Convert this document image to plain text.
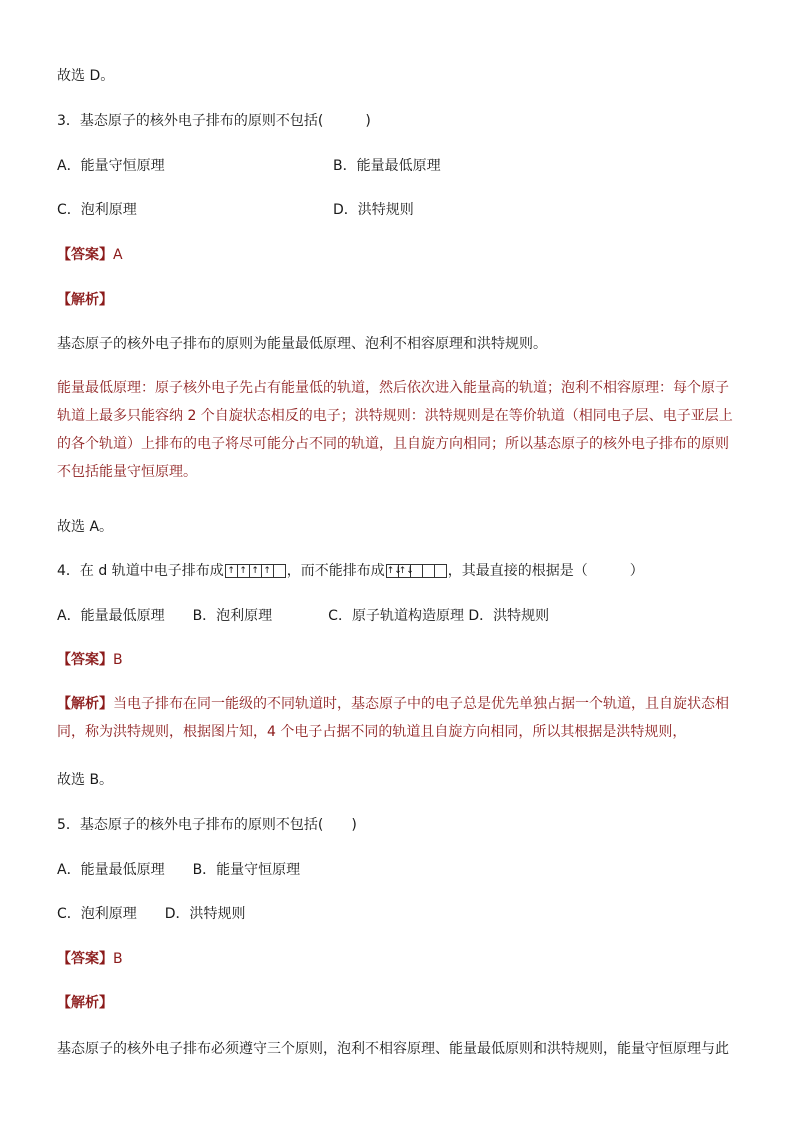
故选 D。
3．基态原子的核外电子排布的原则不包括(　　　)
A．能量守恒原理	B．能量最低原理
C．泡利原理	D．洪特规则
【答案】A
【解析】
基态原子的核外电子排布的原则为能量最低原理、泡利不相容原理和洪特规则。
能量最低原理：原子核外电子先占有能量低的轨道，然后依次进入能量高的轨道；泡利不相容原理：每个原子轨道上最多只能容纳 2 个自旋状态相反的电子；洪特规则：洪特规则是在等价轨道（相同电子层、电子亚层上的各个轨道）上排布的电子将尽可能分占不同的轨道，且自旋方向相同；所以基态原子的核外电子排布的原则不包括能量守恒原理。
故选 A。
4．在 d 轨道中电子排布成 ↑ ↑ ↑ ↑ ，而不能排布成 ↑↓
↑↓ ，其最直接的根据是（　　　）
A．能量最低原理　　B．泡利原理　　　　C．原子轨道构造原理 D．洪特规则
【答案】B
【解析】当电子排布在同一能级的不同轨道时，基态原子中的电子总是优先单独占据一个轨道，且自旋状态相同，称为洪特规则，根据图片知，4 个电子占据不同的轨道且自旋方向相同，所以其根据是洪特规则，
故选 B。
5．基态原子的核外电子排布的原则不包括(　　)
A．能量最低原理　　B．能量守恒原理
C．泡利原理　　D．洪特规则
【答案】B
【解析】
基态原子的核外电子排布必须遵守三个原则，泡利不相容原理、能量最低原则和洪特规则，能量守恒原理与此
